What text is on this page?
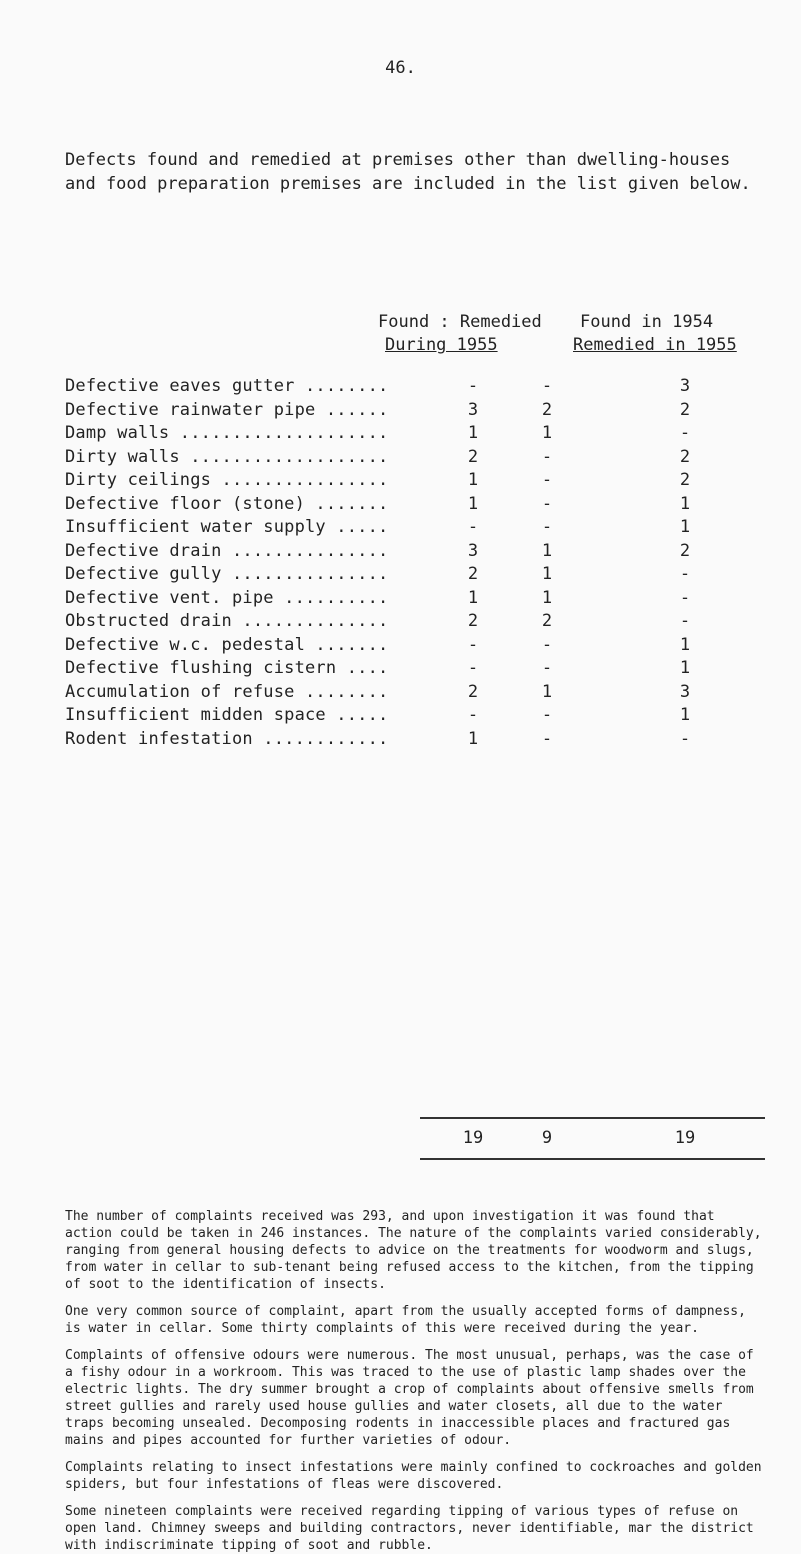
46.

Defects found and remedied at premises other than dwelling-houses and food preparation premises are included in the list given below.

Found : Remedied
During 1955
Found in 1954
Remedied in 1955
Defective eaves gutter ........	-	-	3
Defective rainwater pipe ......	3	2	2
Damp walls ....................	1	1	-
Dirty walls ...................	2	-	2
Dirty ceilings ................	1	-	2
Defective floor (stone) .......	1	-	1
Insufficient water supply .....	-	-	1
Defective drain ...............	3	1	2
Defective gully ...............	2	1	-
Defective vent. pipe ..........	1	1	-
Obstructed drain ..............	2	2	-
Defective w.c. pedestal .......	-	-	1
Defective flushing cistern ....	-	-	1
Accumulation of refuse ........	2	1	3
Insufficient midden space .....	-	-	1
Rodent infestation ............	1	-	-
19	9	19

The number of complaints received was 293, and upon investigation it was found that action could be taken in 246 instances. The nature of the complaints varied considerably, ranging from general housing defects to advice on the treatments for woodworm and slugs, from water in cellar to sub-tenant being refused access to the kitchen, from the tipping of soot to the identification of insects.

One very common source of complaint, apart from the usually accepted forms of dampness, is water in cellar. Some thirty complaints of this were received during the year.

Complaints of offensive odours were numerous. The most unusual, perhaps, was the case of a fishy odour in a workroom. This was traced to the use of plastic lamp shades over the electric lights. The dry summer brought a crop of complaints about offensive smells from street gullies and rarely used house gullies and water closets, all due to the water traps becoming unsealed. Decomposing rodents in inaccessible places and fractured gas mains and pipes accounted for further varieties of odour.

Complaints relating to insect infestations were mainly confined to cockroaches and golden spiders, but four infestations of fleas were discovered.

Some nineteen complaints were received regarding tipping of various types of refuse on open land. Chimney sweeps and building contractors, never identifiable, mar the district with indiscriminate tipping of soot and rubble.
